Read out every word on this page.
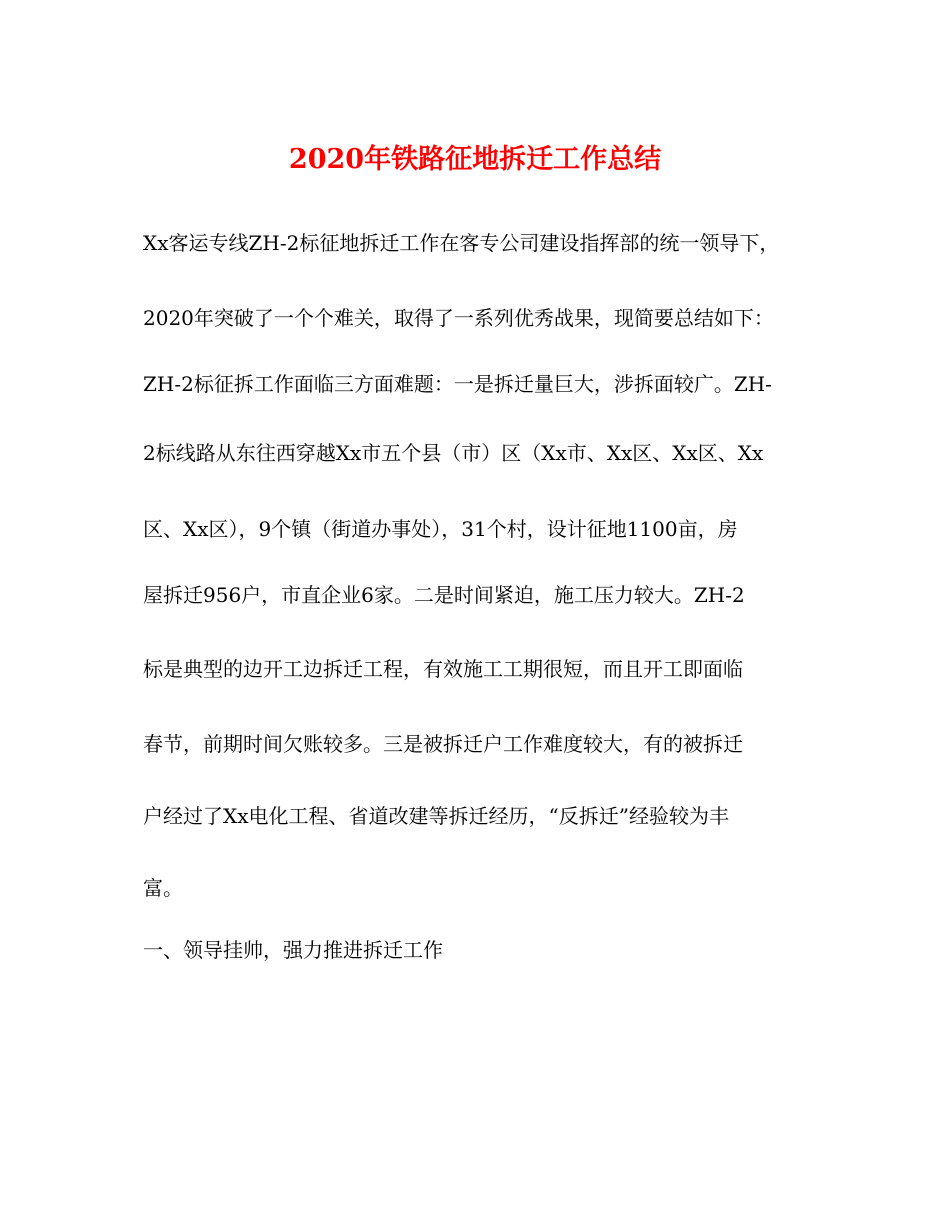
2020年铁路征地拆迁工作总结

Xx客运专线ZH-2标征地拆迁工作在客专公司建设指挥部的统一领导下，

2020年突破了一个个难关，取得了一系列优秀战果，现简要总结如下：

ZH-2标征拆工作面临三方面难题：一是拆迁量巨大，涉拆面较广。ZH-

2标线路从东往西穿越Xx市五个县（市）区（Xx市、Xx区、Xx区、Xx

区、Xx区），9个镇（街道办事处），31个村，设计征地1100亩，房

屋拆迁956户，市直企业6家。二是时间紧迫，施工压力较大。ZH-2

标是典型的边开工边拆迁工程，有效施工工期很短，而且开工即面临

春节，前期时间欠账较多。三是被拆迁户工作难度较大，有的被拆迁

户经过了Xx电化工程、省道改建等拆迁经历，“反拆迁”经验较为丰

富。

一、领导挂帅，强力推进拆迁工作
